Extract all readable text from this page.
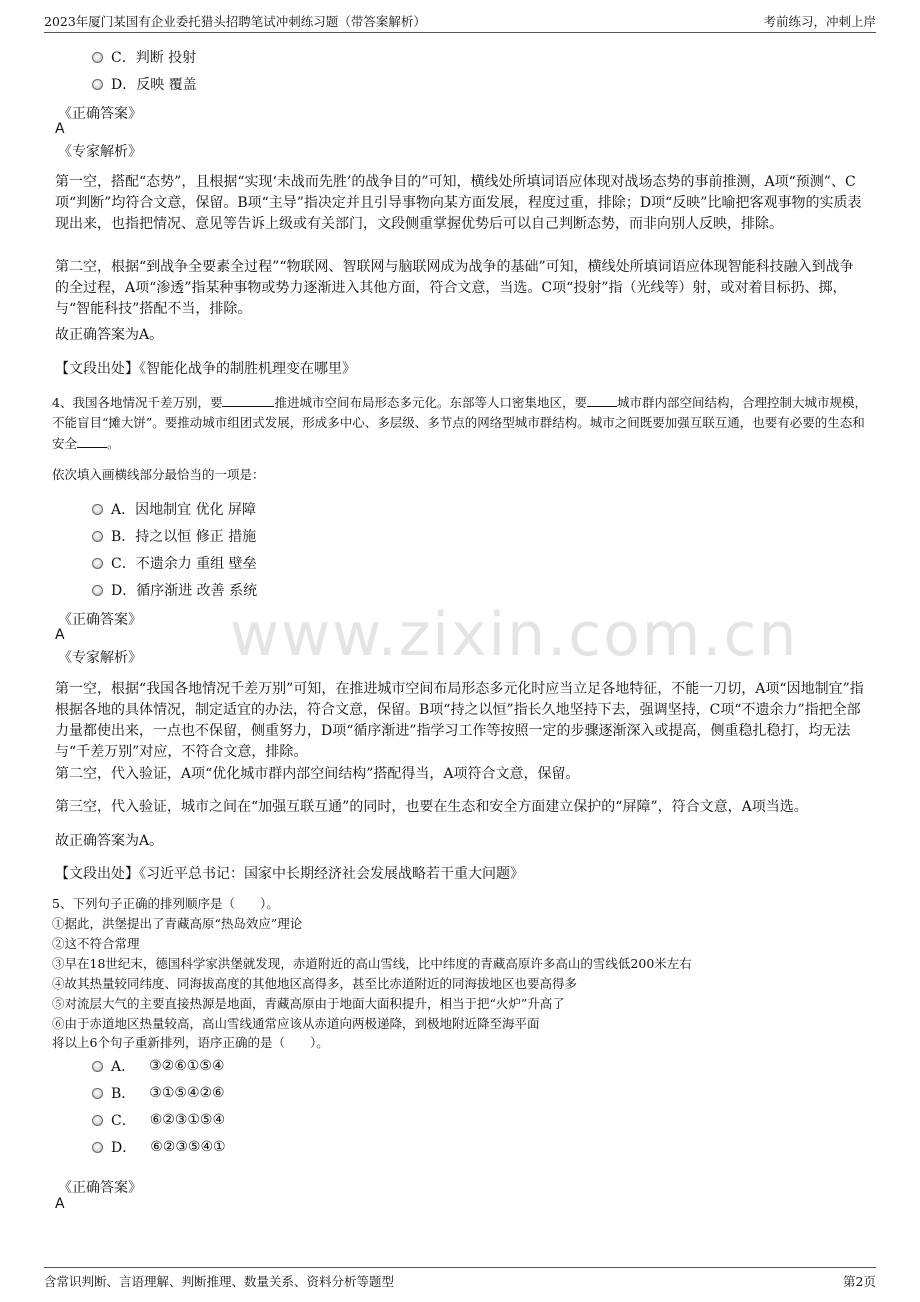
2023年厦门某国有企业委托猎头招聘笔试冲刺练习题（带答案解析）	考前练习，冲刺上岸
www.zixin.com.cn
C． 判断 投射
D． 反映 覆盖
《正确答案》
A
《专家解析》
第一空，搭配“态势”，且根据“实现‘未战而先胜’的战争目的”可知，横线处所填词语应体现对战场态势的事前推测，A项“预测”、C项“判断”均符合文意，保留。B项“主导”指决定并且引导事物向某方面发展，程度过重，排除；D项“反映”比喻把客观事物的实质表现出来，也指把情况、意见等告诉上级或有关部门，文段侧重掌握优势后可以自己判断态势，而非向别人反映，排除。
第二空，根据“到战争全要素全过程”“物联网、智联网与脑联网成为战争的基础”可知，横线处所填词语应体现智能科技融入到战争的全过程，A项“渗透”指某种事物或势力逐渐进入其他方面，符合文意，当选。C项“投射”指（光线等）射，或对着目标扔、掷，与“智能科技”搭配不当，排除。
故正确答案为A。
【文段出处】《智能化战争的制胜机理变在哪里》
4、我国各地情况千差万别，要	推进城市空间布局形态多元化。东部等人口密集地区，要 城市群内部空间结构，合理控制大城市规模，不能盲目“摊大饼”。要推动城市组团式发展，形成多中心、多层级、多节点的网络型城市群结构。城市之间既要加强互联互通，也要有必要的生态和安全 。
依次填入画横线部分最恰当的一项是：
A． 因地制宜 优化 屏障
B． 持之以恒 修正 措施
C． 不遗余力 重组 壁垒
D． 循序渐进 改善 系统
《正确答案》
A
《专家解析》
第一空，根据“我国各地情况千差万别”可知，在推进城市空间布局形态多元化时应当立足各地特征，不能一刀切，A项“因地制宜”指根据各地的具体情况，制定适宜的办法，符合文意，保留。B项“持之以恒”指长久地坚持下去，强调坚持，C项“不遗余力”指把全部力量都使出来，一点也不保留，侧重努力，D项“循序渐进”指学习工作等按照一定的步骤逐渐深入或提高，侧重稳扎稳打，均无法与“千差万别”对应，不符合文意，排除。
第二空，代入验证，A项“优化城市群内部空间结构”搭配得当，A项符合文意，保留。
第三空，代入验证，城市之间在“加强互联互通”的同时，也要在生态和安全方面建立保护的“屏障”，符合文意，A项当选。
故正确答案为A。
【文段出处】《习近平总书记：国家中长期经济社会发展战略若干重大问题》
5、下列句子正确的排列顺序是（　　）。
①据此，洪堡提出了青藏高原“热岛效应”理论
②这不符合常理
③早在18世纪末，德国科学家洪堡就发现，赤道附近的高山雪线，比中纬度的青藏高原许多高山的雪线低200米左右
④故其热量较同纬度、同海拔高度的其他地区高得多，甚至比赤道附近的同海拔地区也要高得多
⑤对流层大气的主要直接热源是地面，青藏高原由于地面大面积提升，相当于把“火炉”升高了
⑥由于赤道地区热量较高，高山雪线通常应该从赤道向两极递降，到极地附近降至海平面
将以上6个句子重新排列，语序正确的是（　　）。
A． ③②⑥①⑤④
B． ③①⑤④②⑥
C． ⑥②③①⑤④
D． ⑥②③⑤④①
《正确答案》
A
含常识判断、言语理解、判断推理、数量关系、资料分析等题型	第2页
